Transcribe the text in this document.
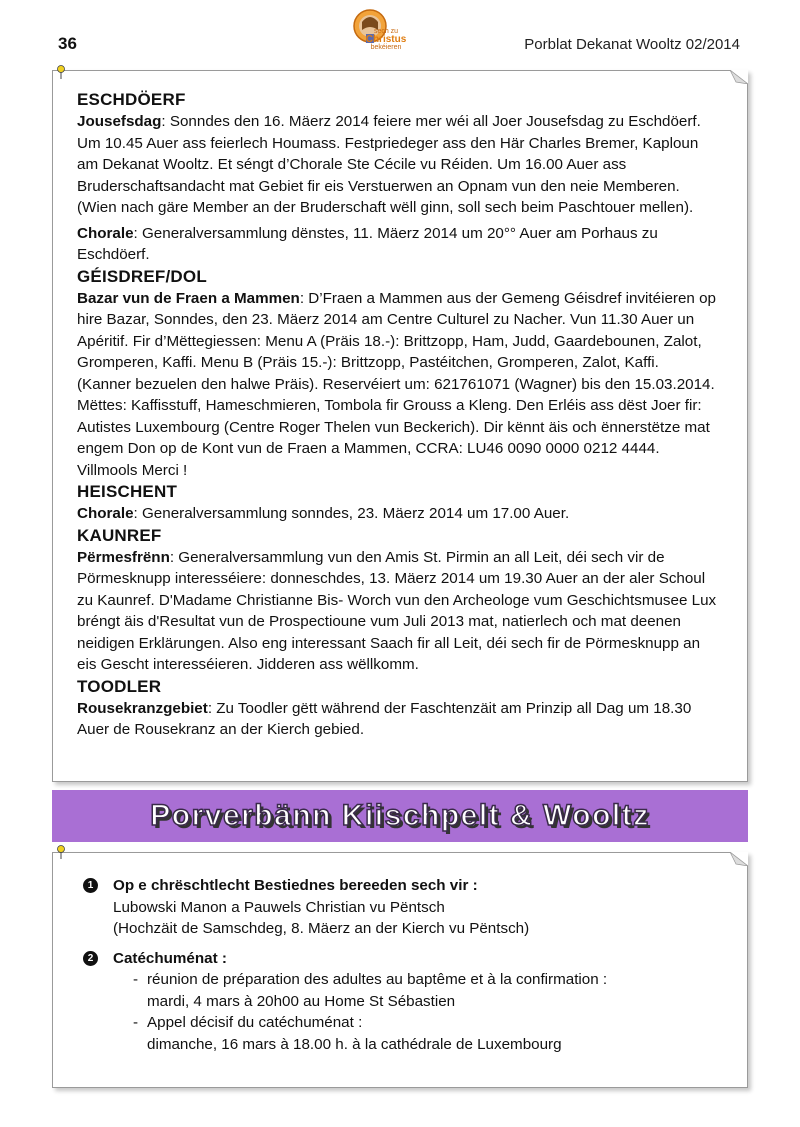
36
sech zu
Christus
bekéieren	Porblat Dekanat Wooltz 02/2014
ESCHDÖERF

Jousefsdag: Sonndes den 16. Mäerz 2014 feiere mer wéi all Joer Jousefsdag zu Eschdöerf. Um 10.45 Auer ass feierlech Houmass. Festpriedeger ass den Här Charles Bremer, Kaploun am Dekanat Wooltz. Et séngt d’Chorale Ste Cécile vu Réiden. Um 16.00 Auer ass Bruderschaftsandacht mat Gebiet fir eis Verstuerwen an Opnam vun den neie Memberen. (Wien nach gäre Member an der Bruderschaft wëll ginn, soll sech beim Paschtouer mellen).

Chorale: Generalversammlung dënstes, 11. Mäerz 2014 um 20°° Auer am Porhaus zu Eschdöerf.

GÉISDREF/DOL

Bazar vun de Fraen a Mammen: D’Fraen a Mammen aus der Gemeng Géisdref invitéieren op hire Bazar, Sonndes, den 23. Mäerz 2014 am Centre Culturel zu Nacher. Vun 11.30 Auer un Apéritif. Fir d’Mëttegiessen: Menu A (Präis 18.-): Brittzopp, Ham, Judd, Gaardebounen, Zalot, Gromperen, Kaffi. Menu B (Präis 15.-): Brittzopp, Pastéitchen, Gromperen, Zalot, Kaffi. (Kanner bezuelen den halwe Präis). Reservéiert um: 621761071 (Wagner) bis den 15.03.2014. Mëttes: Kaffisstuff, Hameschmieren, Tombola fir Grouss a Kleng. Den Erléis ass dëst Joer fir: Autistes Luxembourg (Centre Roger Thelen vun Beckerich). Dir kënnt äis och ënnerstëtze mat engem Don op de Kont vun de Fraen a Mammen, CCRA: LU46 0090 0000 0212 4444. Villmools Merci !

HEISCHENT

Chorale: Generalversammlung sonndes, 23. Mäerz 2014 um 17.00 Auer.

KAUNREF

Përmesfrënn: Generalversammlung vun den Amis St. Pirmin an all Leit, déi sech vir de Pörmesknupp interesséiere: donneschdes, 13. Mäerz 2014 um 19.30 Auer an der aler Schoul zu Kaunref. D'Madame Christianne Bis- Worch vun den Archeologe vum Geschichtsmusee Lux bréngt äis d'Resultat vun de Prospectioune vum Juli 2013 mat, natierlech och mat deenen neidigen Erklärungen. Also eng interessant Saach fir all Leit, déi sech fir de Pörmesknupp an eis Gescht interesséieren. Jidderen ass wëllkomm.

TOODLER

Rousekranzgebiet: Zu Toodler gëtt während der Faschtenzäit am Prinzip all Dag um 18.30 Auer de Rousekranz an der Kierch gebied.

Porverbänn Kiischpelt & Wooltz
1	Op e chrëschtlecht Bestiednes bereeden sech vir :
Lubowski Manon a Pauwels Christian vu Pëntsch
(Hochzäit de Samschdeg, 8. Mäerz an der Kierch vu Pëntsch)
2	Catéchuménat :
- réunion de préparation des adultes au baptême et à la confirmation :
mardi, 4 mars à 20h00 au Home St Sébastien
- Appel décisif du catéchuménat :
dimanche, 16 mars à 18.00 h. à la cathédrale de Luxembourg
